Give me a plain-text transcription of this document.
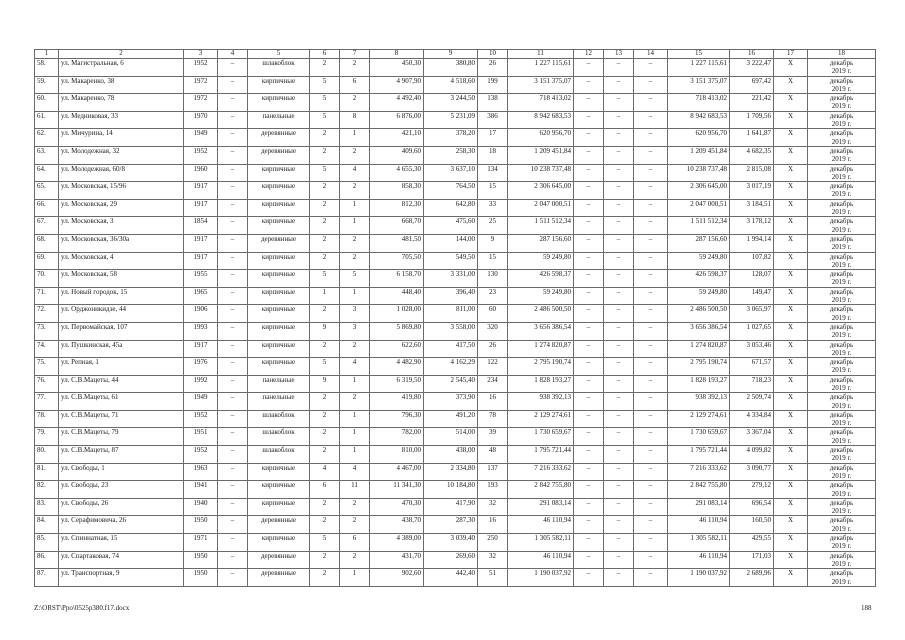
1	2	3	4	5	6	7	8	9	10	11	12	13	14	15	16	17	18
58.	ул. Магистральная, 6	1952	–	шлакоблок	2	2	450,30	380,80	26	1 227 115,61	–	–	–	1 227 115,61	3 222,47	Х	декабрь
2019 г.

59.	ул. Макаренко, 38	1972	–	кирпичные	5	6	4 907,90	4 518,60	199	3 151 375,07	–	–	–	3 151 375,07	697,42	Х	декабрь
2019 г.

60.	ул. Макаренко, 78	1972	–	кирпичные	5	2	4 492,40	3 244,50	138	718 413,02	–	–	–	718 413,02	221,42	Х	декабрь
2019 г.

61.	ул. Медниковая, 33	1970	–	панельные	5	8	6 876,00	5 231,09	386	8 942 683,53	–	–	–	8 942 683,53	1 709,56	Х	декабрь
2019 г.

62.	ул. Мичурина, 14	1949	–	деревянные	2	1	421,10	378,20	17	620 956,70	–	–	–	620 956,70	1 641,87	Х	декабрь
2019 г.

63.	ул. Молодежная, 32	1952	–	деревянные	2	2	409,60	258,30	18	1 209 451,84	–	–	–	1 209 451,84	4 682,35	Х	декабрь
2019 г.

64.	ул. Молодежная, 60/8	1960	–	кирпичные	5	4	4 655,30	3 637,10	134	10 238 737,48	–	–	–	10 238 737,48	2 815,08	Х	декабрь
2019 г.

65.	ул. Московская, 15/96	1917	–	кирпичные	2	2	858,30	764,50	15	2 306 645,00	–	–	–	2 306 645,00	3 017,19	Х	декабрь
2019 г.

66.	ул. Московская, 29	1917	–	кирпичные	2	1	812,30	642,80	33	2 047 000,51	–	–	–	2 047 000,51	3 184,51	Х	декабрь
2019 г.

67.	ул. Московская, 3	1854	–	кирпичные	2	1	668,70	475,60	25	1 511 512,34	–	–	–	1 511 512,34	3 178,12	Х	декабрь
2019 г.

68.	ул. Московская, 36/30а	1917	–	деревянные	2	2	481,50	144,00	9	287 156,60	–	–	–	287 156,60	1 994,14	Х	декабрь
2019 г.

69.	ул. Московская, 4	1917	–	кирпичные	2	2	705,50	549,50	15	59 249,80	–	–	–	59 249,80	107,82	Х	декабрь
2019 г.

70.	ул. Московская, 58	1955	–	кирпичные	5	5	6 158,70	3 331,00	130	426 598,37	–	–	–	426 598,37	128,07	Х	декабрь
2019 г.

71.	ул. Новый городок, 15	1965	–	кирпичные	1	1	448,40	396,40	23	59 249,80	–	–	–	59 249,80	149,47	Х	декабрь
2019 г.

72.	ул. Орджоникидзе, 44	1906	–	кирпичные	2	3	1 028,00	811,00	60	2 486 500,50	–	–	–	2 486 500,50	3 065,97	Х	декабрь
2019 г.

73.	ул. Первомайская, 107	1993	–	кирпичные	9	3	5 869,80	3 558,00	320	3 656 386,54	–	–	–	3 656 386,54	1 027,65	Х	декабрь
2019 г.

74.	ул. Пушкинская, 45а	1917	–	кирпичные	2	2	622,60	417,50	26	1 274 820,87	–	–	–	1 274 820,87	3 053,46	Х	декабрь
2019 г.

75.	ул. Репная, 1	1976	–	кирпичные	5	4	4 482,90	4 162,29	122	2 795 190,74	–	–	–	2 795 190,74	671,57	Х	декабрь
2019 г.

76.	ул. С.В.Мацеты, 44	1992	–	панельные	9	1	6 319,50	2 545,40	234	1 828 193,27	–	–	–	1 828 193,27	718,23	Х	декабрь
2019 г.

77.	ул. С.В.Мацеты, 61	1949	–	панельные	2	2	419,80	373,90	16	938 392,13	–	–	–	938 392,13	2 509,74	Х	декабрь
2019 г.

78.	ул. С.В.Мацеты, 71	1952	–	шлакоблок	2	1	796,30	491,20	78	2 129 274,61	–	–	–	2 129 274,61	4 334,84	Х	декабрь
2019 г.

79.	ул. С.В.Мацеты, 79	1951	–	шлакоблок	2	1	782,00	514,00	39	1 730 659,67	–	–	–	1 730 659,67	3 367,04	Х	декабрь
2019 г.

80.	ул. С.В.Мацеты, 87	1952	–	шлакоблок	2	1	810,00	438,00	48	1 795 721,44	–	–	–	1 795 721,44	4 099,82	Х	декабрь
2019 г.

81.	ул. Свободы, 1	1963	–	кирпичные	4	4	4 467,00	2 334,80	137	7 216 333,62	–	–	–	7 216 333,62	3 090,77	Х	декабрь
2019 г.

82.	ул. Свободы, 23	1941	–	кирпичные	6	11	11 341,30	10 184,80	193	2 842 755,80	–	–	–	2 842 755,80	279,12	Х	декабрь
2019 г.

83.	ул. Свободы, 26	1940	–	кирпичные	2	2	470,30	417,90	32	291 083,14	–	–	–	291 083,14	696,54	Х	декабрь
2019 г.

84.	ул. Серафимовича, 26	1950	–	деревянные	2	2	438,70	287,30	16	46 110,94	–	–	–	46 110,94	160,50	Х	декабрь
2019 г.

85.	ул. Спиннатная, 15	1971	–	кирпичные	5	6	4 389,00	3 039,40	250	1 305 582,11	–	–	–	1 305 582,11	429,55	Х	декабрь
2019 г.

86.	ул. Спартаковая, 74	1950	–	деревянные	2	2	431,70	269,60	32	46 110,94	–	–	–	46 110,94	171,03	Х	декабрь
2019 г.

87.	ул. Транспортная, 9	1950	–	деревянные	2	1	902,60	442,40	51	1 190 037,92	–	–	–	1 190 037,92	2 689,96	Х	декабрь
2019 г.
Z:\ORST\Ppo\0525p380.f17.docx	188
